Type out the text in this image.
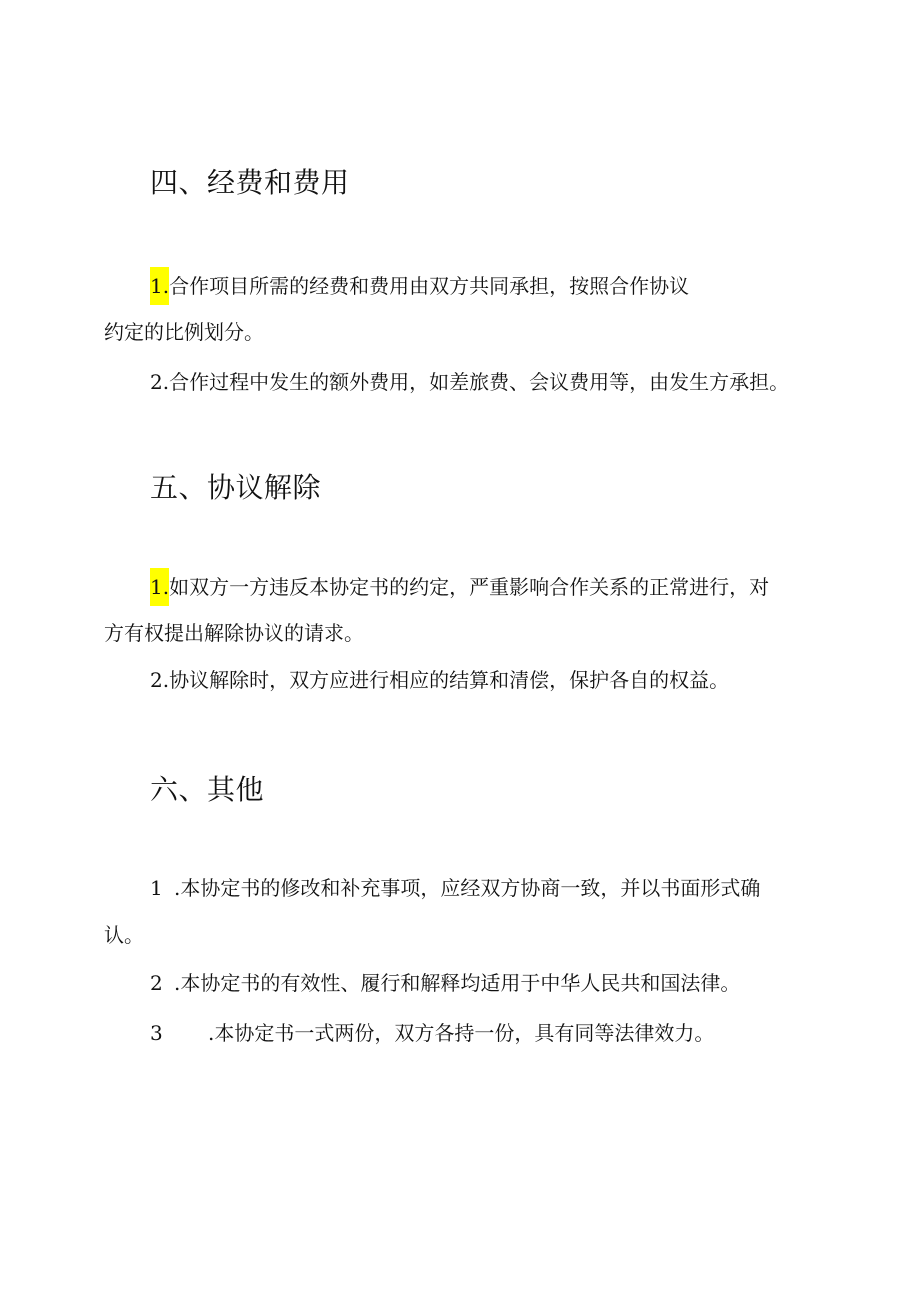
四、经费和费用
1.合作项目所需的经费和费用由双方共同承担，按照合作协议
约定的比例划分。
2.合作过程中发生的额外费用，如差旅费、会议费用等，由发生方承担。
五、协议解除
1.如双方一方违反本协定书的约定，严重影响合作关系的正常进行，对
方有权提出解除协议的请求。
2.协议解除时，双方应进行相应的结算和清偿，保护各自的权益。
六、其他
1 .本协定书的修改和补充事项，应经双方协商一致，并以书面形式确
认。
2 .本协定书的有效性、履行和解释均适用于中华人民共和国法律。
3 .本协定书一式两份，双方各持一份，具有同等法律效力。
